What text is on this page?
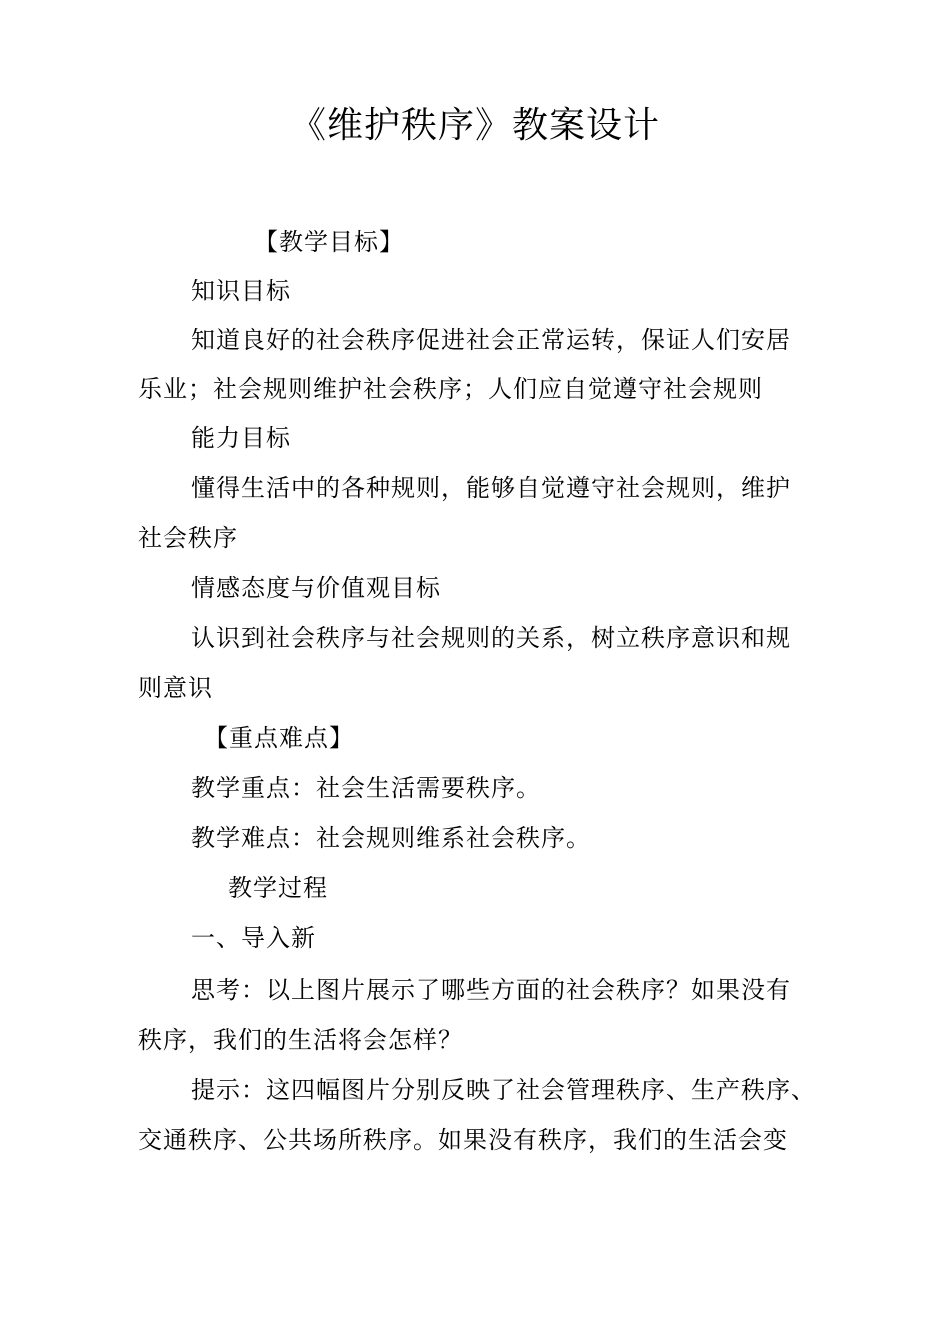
《维护秩序》教案设计
【教学目标】
知识目标
知道良好的社会秩序促进社会正常运转，保证人们安居
乐业；社会规则维护社会秩序；人们应自觉遵守社会规则
能力目标
懂得生活中的各种规则，能够自觉遵守社会规则，维护
社会秩序
情感态度与价值观目标
认识到社会秩序与社会规则的关系，树立秩序意识和规
则意识
【重点难点】
教学重点：社会生活需要秩序。
教学难点：社会规则维系社会秩序。
教学过程
一、导入新
思考：以上图片展示了哪些方面的社会秩序？如果没有
秩序，我们的生活将会怎样？
提示：这四幅图片分别反映了社会管理秩序、生产秩序、
交通秩序、公共场所秩序。如果没有秩序，我们的生活会变
